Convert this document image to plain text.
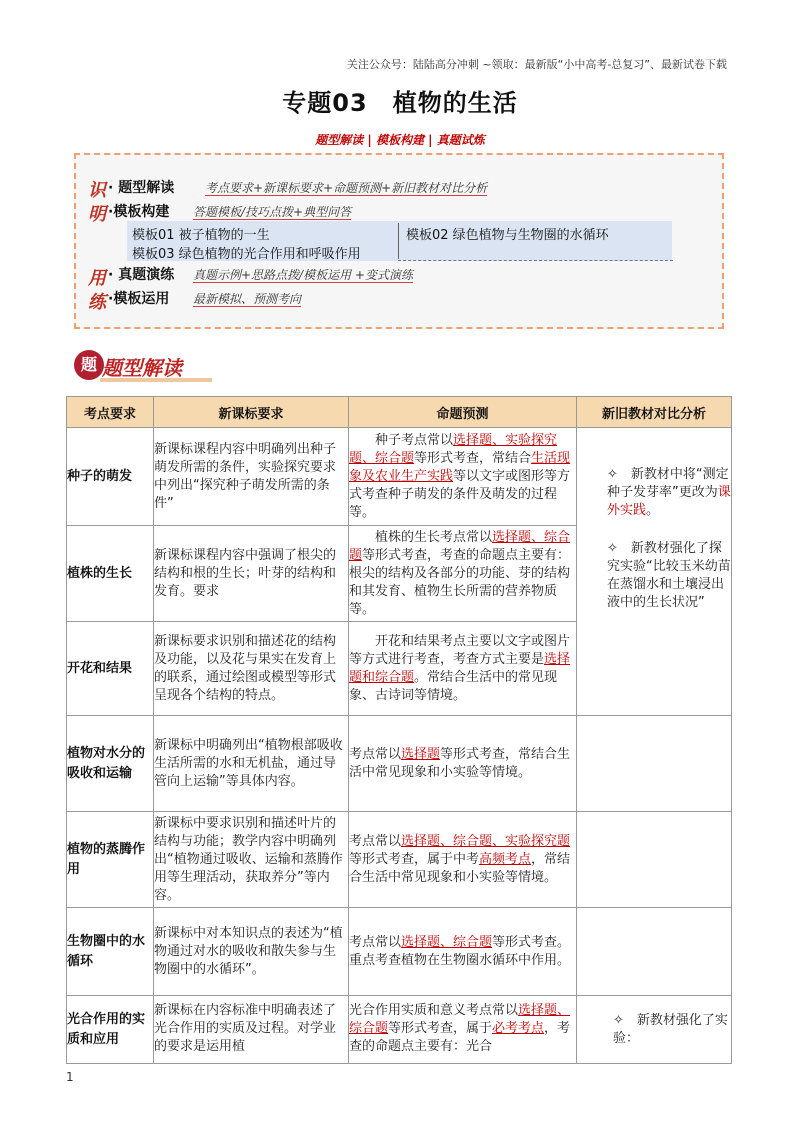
关注公众号：陆陆高分冲刺 ~领取：最新版“小中高考-总复习”、最新试卷下载
专题03　植物的生活
题型解读 | 模板构建 | 真题试炼
识
明
用
练
· 题型解读	考点要求+新课标要求+命题预测+新旧教材对比分析
·模板构建 答题模板/技巧点拨+典型问答
模板01 被子植物的一生	模板02 绿色植物与生物圈的水循环
模板03 绿色植物的光合作用和呼吸作用
· 真题演练 真题示例+思路点拨/模板运用 +变式演练
·模板运用 最新模拟、预测考向
题 题型解读
考点要求	新课标要求	命题预测	新旧教材对比分析
种子的萌发	新课标课程内容中明确列出种子萌发所需的条件，实验探究要求中列出“探究种子萌发所需的条件”	种子考点常以选择题、实验探究题、综合题等形式考查，常结合生活现象及农业生产实践等以文字或图形等方式考查种子萌发的条件及萌发的过程等。	✧　新教材中将“测定种子发芽率”更改为课外实践。
✧　新教材强化了探究实验“比较玉米幼苗在蒸馏水和土壤浸出液中的生长状况”
植株的生长	新课标课程内容中强调了根尖的结构和根的生长；叶芽的结构和发育。要求	植株的生长考点常以选择题、综合题等形式考查，考查的命题点主要有：根尖的结构及各部分的功能、芽的结构和其发育、植物生长所需的营养物质等。	
开花和结果	新课标要求识别和描述花的结构及功能，以及花与果实在发育上的联系，通过绘图或模型等形式呈现各个结构的特点。	开花和结果考点主要以文字或图片等方式进行考查，考查方式主要是选择题和综合题。常结合生活中的常见现象、古诗词等情境。	
植物对水分的吸收和运输	新课标中明确列出“植物根部吸收生活所需的水和无机盐，通过导管向上运输”等具体内容。	考点常以选择题等形式考查，常结合生活中常见现象和小实验等情境。	
植物的蒸腾作用	新课标中要求识别和描述叶片的结构与功能；教学内容中明确列出“植物通过吸收、运输和蒸腾作用等生理活动，获取养分”等内容。	考点常以选择题、综合题、实验探究题等形式考查，属于中考高频考点，常结合生活中常见现象和小实验等情境。	
生物圈中的水循环	新课标中对本知识点的表述为“植物通过对水的吸收和散失参与生物圈中的水循环”。	考点常以选择题、综合题等形式考查。重点考查植物在生物圈水循环中作用。	
光合作用的实质和应用	新课标在内容标准中明确表述了光合作用的实质及过程。对学业的要求是运用植	光合作用实质和意义考点常以选择题、综合题等形式考查，属于必考考点，考查的命题点主要有：光合	✧　新教材强化了实验：
1
